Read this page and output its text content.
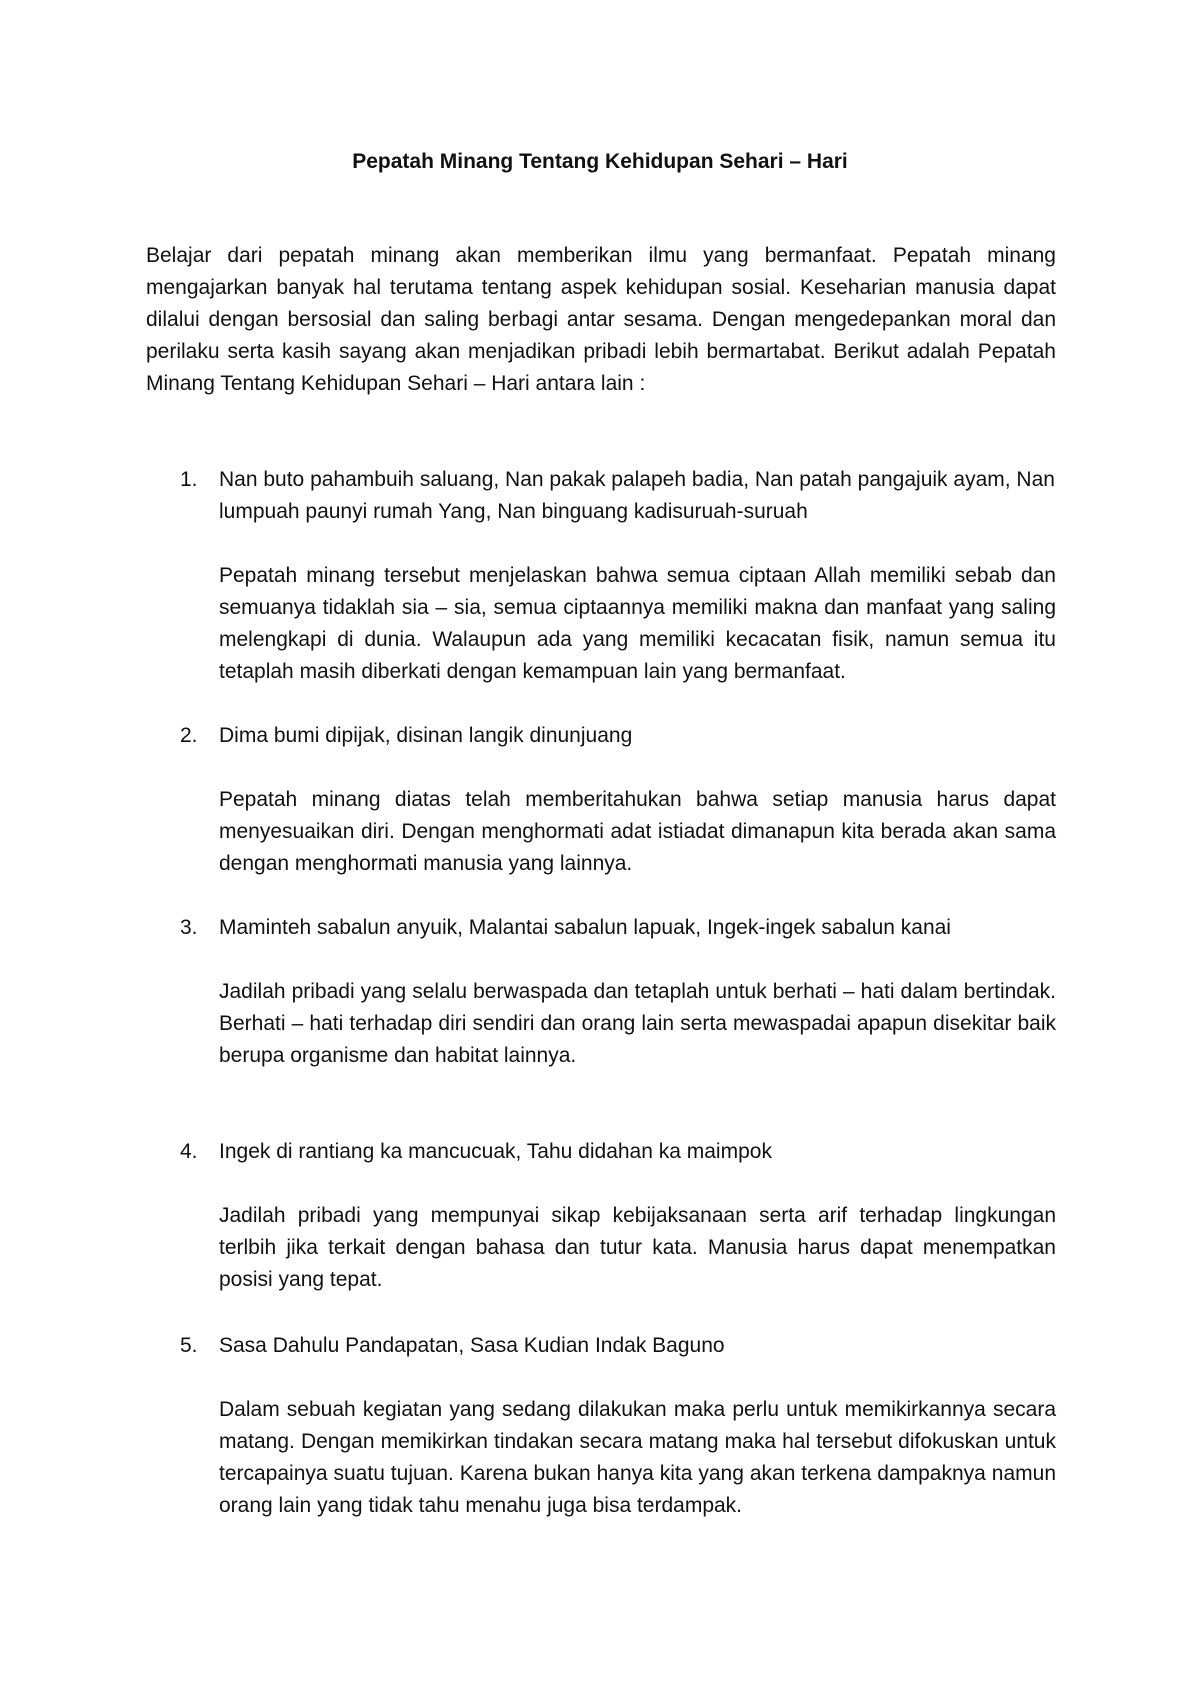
Pepatah Minang Tentang Kehidupan Sehari – Hari

Belajar dari pepatah minang akan memberikan ilmu yang bermanfaat. Pepatah minang mengajarkan banyak hal terutama tentang aspek kehidupan sosial. Keseharian manusia dapat dilalui dengan bersosial dan saling berbagi antar sesama. Dengan mengedepankan moral dan perilaku serta kasih sayang akan menjadikan pribadi lebih bermartabat. Berikut adalah Pepatah Minang Tentang Kehidupan Sehari – Hari antara lain :

1. Nan buto pahambuih saluang, Nan pakak palapeh badia, Nan patah pangajuik ayam, Nan lumpuah paunyi rumah Yang, Nan binguang kadisuruah-suruah

Pepatah minang tersebut menjelaskan bahwa semua ciptaan Allah memiliki sebab dan semuanya tidaklah sia – sia, semua ciptaannya memiliki makna dan manfaat yang saling melengkapi di dunia. Walaupun ada yang memiliki kecacatan fisik, namun semua itu tetaplah masih diberkati dengan kemampuan lain yang bermanfaat.

2. Dima bumi dipijak, disinan langik dinunjuang

Pepatah minang diatas telah memberitahukan bahwa setiap manusia harus dapat menyesuaikan diri. Dengan menghormati adat istiadat dimanapun kita berada akan sama dengan menghormati manusia yang lainnya.

3. Maminteh sabalun anyuik, Malantai sabalun lapuak, Ingek-ingek sabalun kanai

Jadilah pribadi yang selalu berwaspada dan tetaplah untuk berhati – hati dalam bertindak. Berhati – hati terhadap diri sendiri dan orang lain serta mewaspadai apapun disekitar baik berupa organisme dan habitat lainnya.

4. Ingek di rantiang ka mancucuak, Tahu didahan ka maimpok

Jadilah pribadi yang mempunyai sikap kebijaksanaan serta arif terhadap lingkungan terlbih jika terkait dengan bahasa dan tutur kata. Manusia harus dapat menempatkan posisi yang tepat.

5. Sasa Dahulu Pandapatan, Sasa Kudian Indak Baguno

Dalam sebuah kegiatan yang sedang dilakukan maka perlu untuk memikirkannya secara matang. Dengan memikirkan tindakan secara matang maka hal tersebut difokuskan untuk tercapainya suatu tujuan. Karena bukan hanya kita yang akan terkena dampaknya namun orang lain yang tidak tahu menahu juga bisa terdampak.
